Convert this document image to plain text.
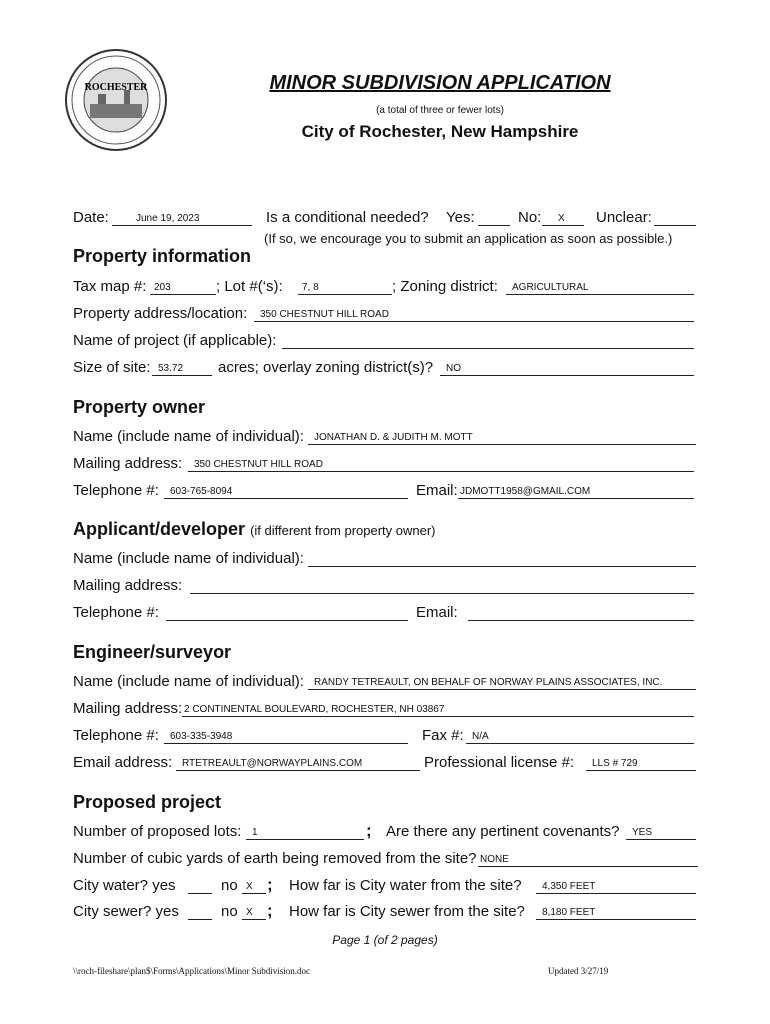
ROCHESTER	MINOR SUBDIVISION APPLICATION
(a total of three or fewer lots)
City of Rochester, New Hampshire
Date:	June 19, 2023	Is a conditional needed? Yes:	No: X Unclear:
(If so, we encourage you to submit an application as soon as possible.)
Property information
Tax map #: 203	; Lot #(‘s): 7, 8	; Zoning district: AGRICULTURAL
Property address/location: 350 CHESTNUT HILL ROAD
Name of project (if applicable):
Size of site: 53.72 acres; overlay zoning district(s)? NO
Property owner
Name (include name of individual): JONATHAN D. & JUDITH M. MOTT
Mailing address: 350 CHESTNUT HILL ROAD
Telephone #: 603-765-8094	Email: JDMOTT1958@GMAIL.COM
Applicant/developer (if different from property owner)
Name (include name of individual):
Mailing address:
Telephone #:	Email:
Engineer/surveyor
Name (include name of individual): RANDY TETREAULT, ON BEHALF OF NORWAY PLAINS ASSOCIATES, INC.
Mailing address: 2 CONTINENTAL BOULEVARD, ROCHESTER, NH 03867
Telephone #: 603-335-3948	Fax #: N/A
Email address: RTETREAULT@NORWAYPLAINS.COM	Professional license #: LLS # 729
Proposed project
Number of proposed lots: 1	; Are there any pertinent covenants? YES
Number of cubic yards of earth being removed from the site? NONE
City water? yes	no X ; How far is City water from the site? 4,350 FEET
City sewer? yes	no X ; How far is City sewer from the site? 8,180 FEET
Page 1 (of 2 pages)
\\roch-fileshare\plan$\Forms\Applications\Minor Subdivision.doc	Updated 3/27/19
